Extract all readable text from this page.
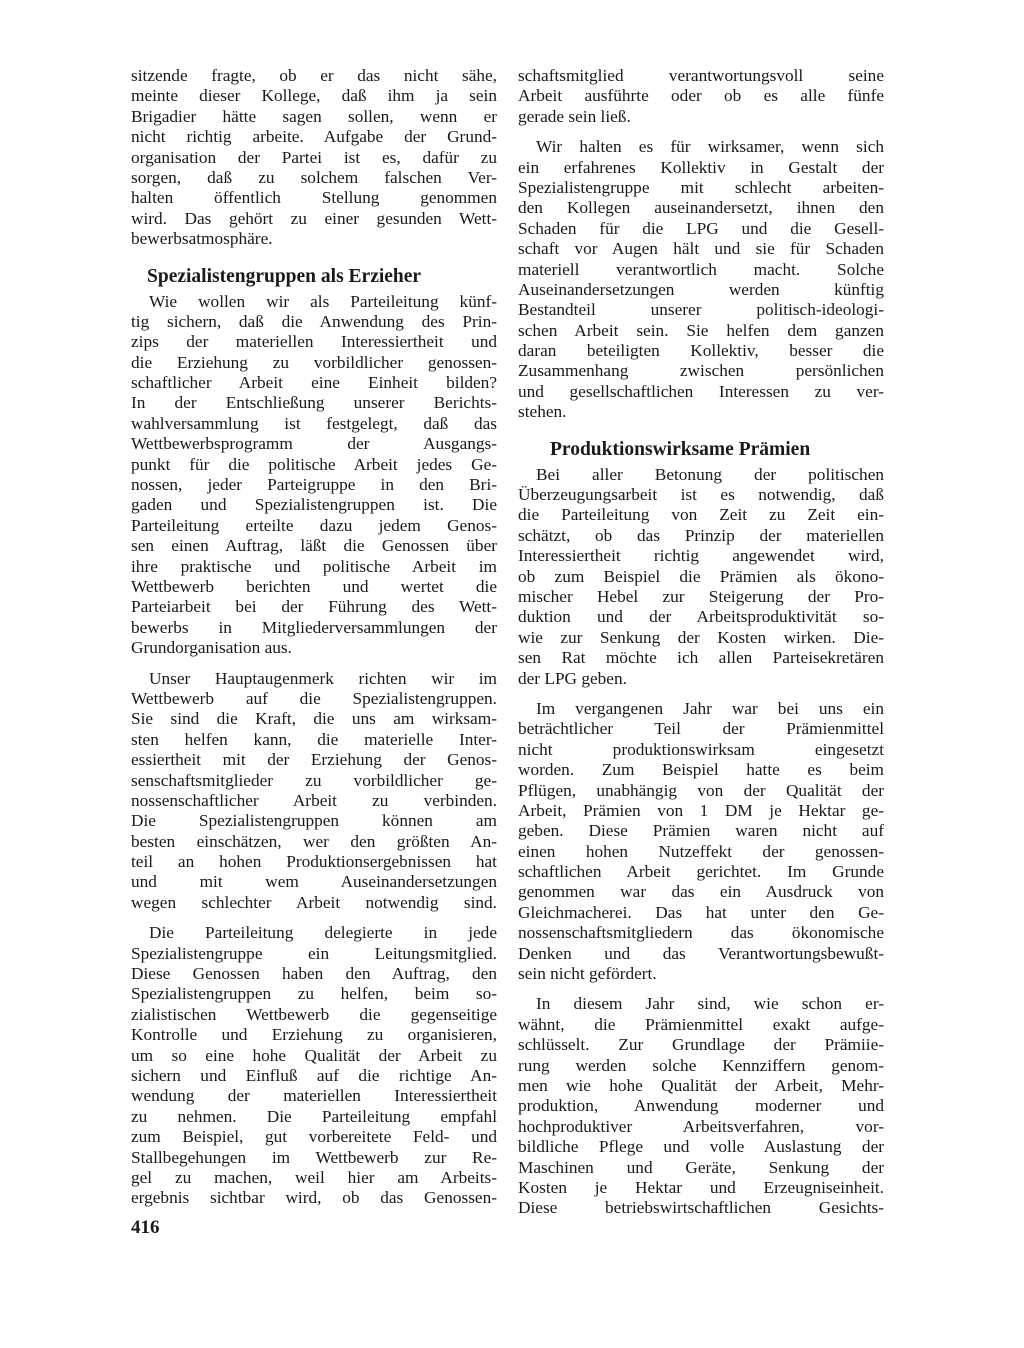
sitzende fragte, ob er das nicht sähe,
meinte dieser Kollege, daß ihm ja sein
Brigadier hätte sagen sollen, wenn er
nicht richtig arbeite. Aufgabe der Grund-
organisation der Partei ist es, dafür zu
sorgen, daß zu solchem falschen Ver-
halten öffentlich Stellung genommen
wird. Das gehört zu einer gesunden Wett-
bewerbsatmosphäre.
Spezialistengruppen als Erzieher
Wie wollen wir als Parteileitung künf-
tig sichern, daß die Anwendung des Prin-
zips der materiellen Interessiertheit und
die Erziehung zu vorbildlicher genossen-
schaftlicher Arbeit eine Einheit bilden?
In der Entschließung unserer Berichts-
wahlversammlung ist festgelegt, daß das
Wettbewerbsprogramm der Ausgangs-
punkt für die politische Arbeit jedes Ge-
nossen, jeder Parteigruppe in den Bri-
gaden und Spezialistengruppen ist. Die
Parteileitung erteilte dazu jedem Genos-
sen einen Auftrag, läßt die Genossen über
ihre praktische und politische Arbeit im
Wettbewerb berichten und wertet die
Parteiarbeit bei der Führung des Wett-
bewerbs in Mitgliederversammlungen der
Grundorganisation aus.
Unser Hauptaugenmerk richten wir im
Wettbewerb auf die Spezialistengruppen.
Sie sind die Kraft, die uns am wirksam-
sten helfen kann, die materielle Inter-
essiertheit mit der Erziehung der Genos-
senschaftsmitglieder zu vorbildlicher ge-
nossenschaftlicher Arbeit zu verbinden.
Die Spezialistengruppen können am
besten einschätzen, wer den größten An-
teil an hohen Produktionsergebnissen hat
und mit wem Auseinandersetzungen
wegen schlechter Arbeit notwendig sind.
Die Parteileitung delegierte in jede
Spezialistengruppe ein Leitungsmitglied.
Diese Genossen haben den Auftrag, den
Spezialistengruppen zu helfen, beim so-
zialistischen Wettbewerb die gegenseitige
Kontrolle und Erziehung zu organisieren,
um so eine hohe Qualität der Arbeit zu
sichern und Einfluß auf die richtige An-
wendung der materiellen Interessiertheit
zu nehmen. Die Parteileitung empfahl
zum Beispiel, gut vorbereitete Feld- und
Stallbegehungen im Wettbewerb zur Re-
gel zu machen, weil hier am Arbeits-
ergebnis sichtbar wird, ob das Genossen-
schaftsmitglied verantwortungsvoll seine
Arbeit ausführte oder ob es alle fünfe
gerade sein ließ.
Wir halten es für wirksamer, wenn sich
ein erfahrenes Kollektiv in Gestalt der
Spezialistengruppe mit schlecht arbeiten-
den Kollegen auseinandersetzt, ihnen den
Schaden für die LPG und die Gesell-
schaft vor Augen hält und sie für Schaden
materiell verantwortlich macht. Solche
Auseinandersetzungen werden künftig
Bestandteil unserer politisch-ideologi-
schen Arbeit sein. Sie helfen dem ganzen
daran beteiligten Kollektiv, besser die
Zusammenhang zwischen persönlichen
und gesellschaftlichen Interessen zu ver-
stehen.
Produktionswirksame Prämien
Bei aller Betonung der politischen
Überzeugungsarbeit ist es notwendig, daß
die Parteileitung von Zeit zu Zeit ein-
schätzt, ob das Prinzip der materiellen
Interessiertheit richtig angewendet wird,
ob zum Beispiel die Prämien als ökono-
mischer Hebel zur Steigerung der Pro-
duktion und der Arbeitsproduktivität so-
wie zur Senkung der Kosten wirken. Die-
sen Rat möchte ich allen Parteisekretären
der LPG geben.
Im vergangenen Jahr war bei uns ein
beträchtlicher Teil der Prämienmittel
nicht produktionswirksam eingesetzt
worden. Zum Beispiel hatte es beim
Pflügen, unabhängig von der Qualität der
Arbeit, Prämien von 1 DM je Hektar ge-
geben. Diese Prämien waren nicht auf
einen hohen Nutzeffekt der genossen-
schaftlichen Arbeit gerichtet. Im Grunde
genommen war das ein Ausdruck von
Gleichmacherei. Das hat unter den Ge-
nossenschaftsmitgliedern das ökonomische
Denken und das Verantwortungsbewußt-
sein nicht gefördert.
In diesem Jahr sind, wie schon er-
wähnt, die Prämienmittel exakt aufge-
schlüsselt. Zur Grundlage der Prämiie-
rung werden solche Kennziffern genom-
men wie hohe Qualität der Arbeit, Mehr-
produktion, Anwendung moderner und
hochproduktiver Arbeitsverfahren, vor-
bildliche Pflege und volle Auslastung der
Maschinen und Geräte, Senkung der
Kosten je Hektar und Erzeugniseinheit.
Diese betriebswirtschaftlichen Gesichts-
416
